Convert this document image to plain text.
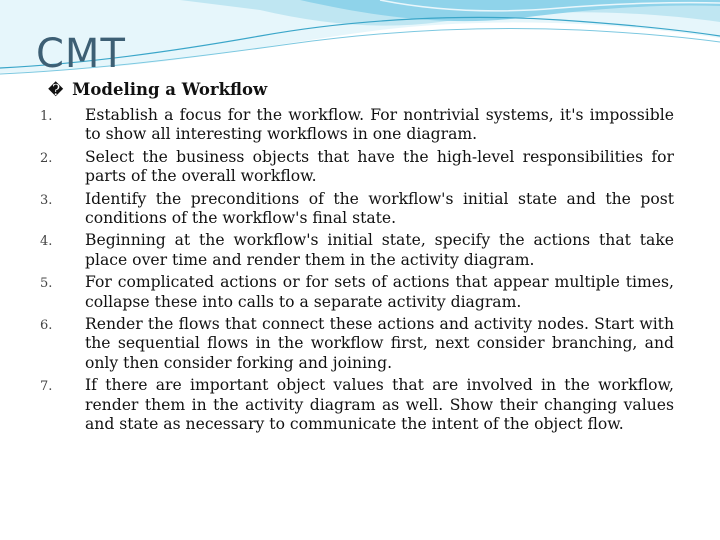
CMT
� Modeling a Workflow
1. Establish a focus for the workflow. For nontrivial systems, it's impossible to show all interesting workflows in one diagram.
2. Select the business objects that have the high-level responsibilities for parts of the overall workflow.
3. Identify the preconditions of the workflow's initial state and the post conditions of the workflow's final state.
4. Beginning at the workflow's initial state, specify the actions that take place over time and render them in the activity diagram.
5. For complicated actions or for sets of actions that appear multiple times, collapse these into calls to a separate activity diagram.
6. Render the flows that connect these actions and activity nodes. Start with the sequential flows in the workflow first, next consider branching, and only then consider forking and joining.
7. If there are important object values that are involved in the workflow, render them in the activity diagram as well. Show their changing values and state as necessary to communicate the intent of the object flow.
